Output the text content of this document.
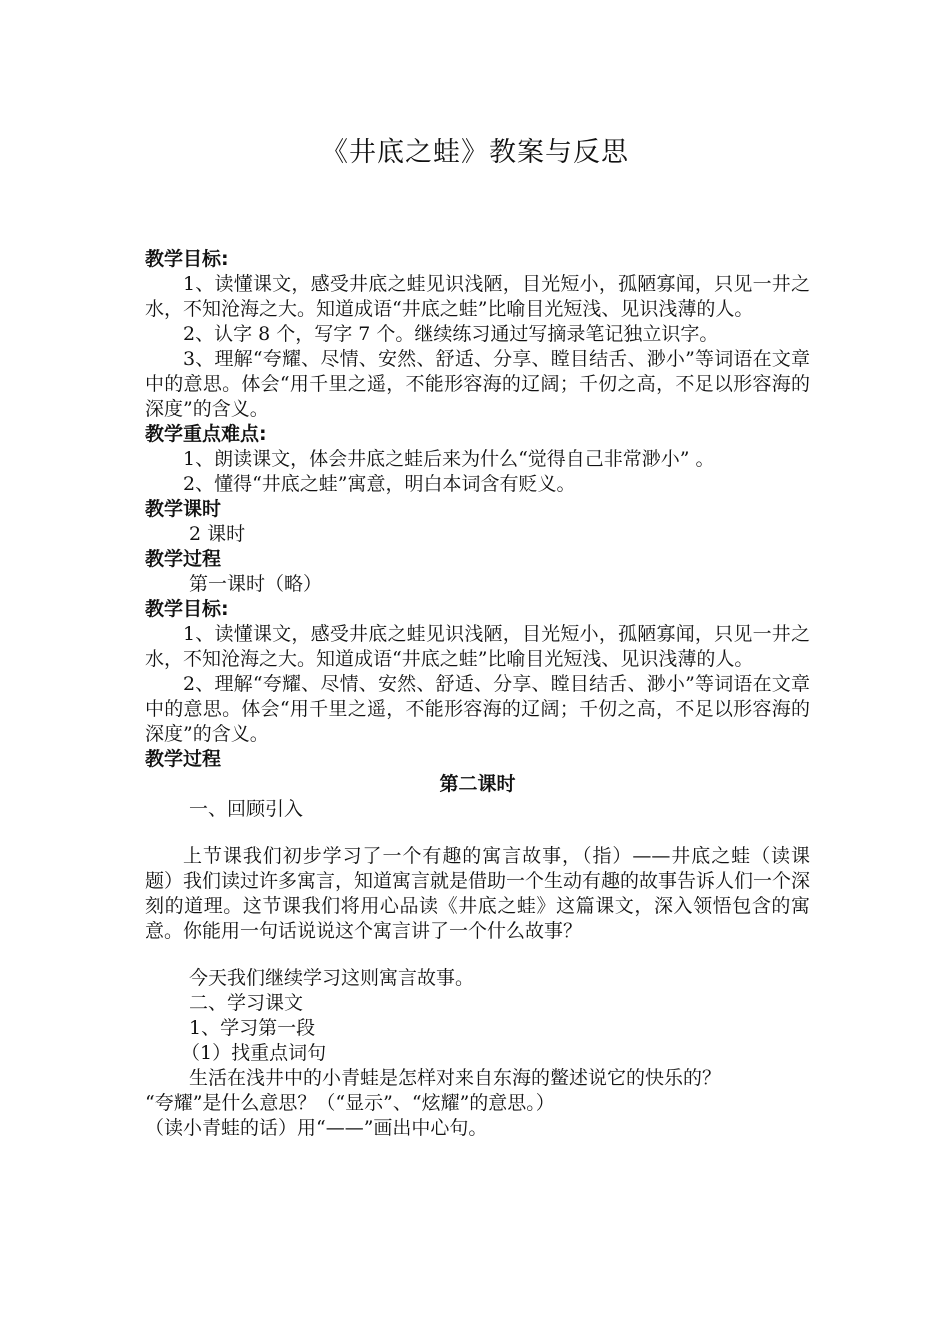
《井底之蛙》教案与反思
教学目标:
1、读懂课文，感受井底之蛙见识浅陋，目光短小，孤陋寡闻，只见一井之水，不知沧海之大。知道成语“井底之蛙”比喻目光短浅、见识浅薄的人。
2、认字 8 个，写字 7 个。继续练习通过写摘录笔记独立识字。
3、理解“夸耀、尽情、安然、舒适、分享、瞠目结舌、渺小”等词语在文章中的意思。体会“用千里之遥，不能形容海的辽阔；千仞之高，不足以形容海的深度”的含义。
教学重点难点:
1、朗读课文，体会井底之蛙后来为什么“觉得自己非常渺小” 。
2、懂得“井底之蛙”寓意，明白本词含有贬义。
教学课时
2 课时
教学过程
第一课时（略）
教学目标:
1、读懂课文，感受井底之蛙见识浅陋，目光短小，孤陋寡闻，只见一井之水，不知沧海之大。知道成语“井底之蛙”比喻目光短浅、见识浅薄的人。
2、理解“夸耀、尽情、安然、舒适、分享、瞠目结舌、渺小”等词语在文章中的意思。体会“用千里之遥，不能形容海的辽阔；千仞之高，不足以形容海的深度”的含义。
教学过程
第二课时
一、回顾引入
上节课我们初步学习了一个有趣的寓言故事，（指）——井底之蛙（读课题）我们读过许多寓言，知道寓言就是借助一个生动有趣的故事告诉人们一个深刻的道理。这节课我们将用心品读《井底之蛙》这篇课文，深入领悟包含的寓意。你能用一句话说说这个寓言讲了一个什么故事？
今天我们继续学习这则寓言故事。
二、学习课文
1、学习第一段
（1）找重点词句
生活在浅井中的小青蛙是怎样对来自东海的鳖述说它的快乐的？
“夸耀”是什么意思？（“显示”、“炫耀”的意思。）
（读小青蛙的话）用“——”画出中心句。
